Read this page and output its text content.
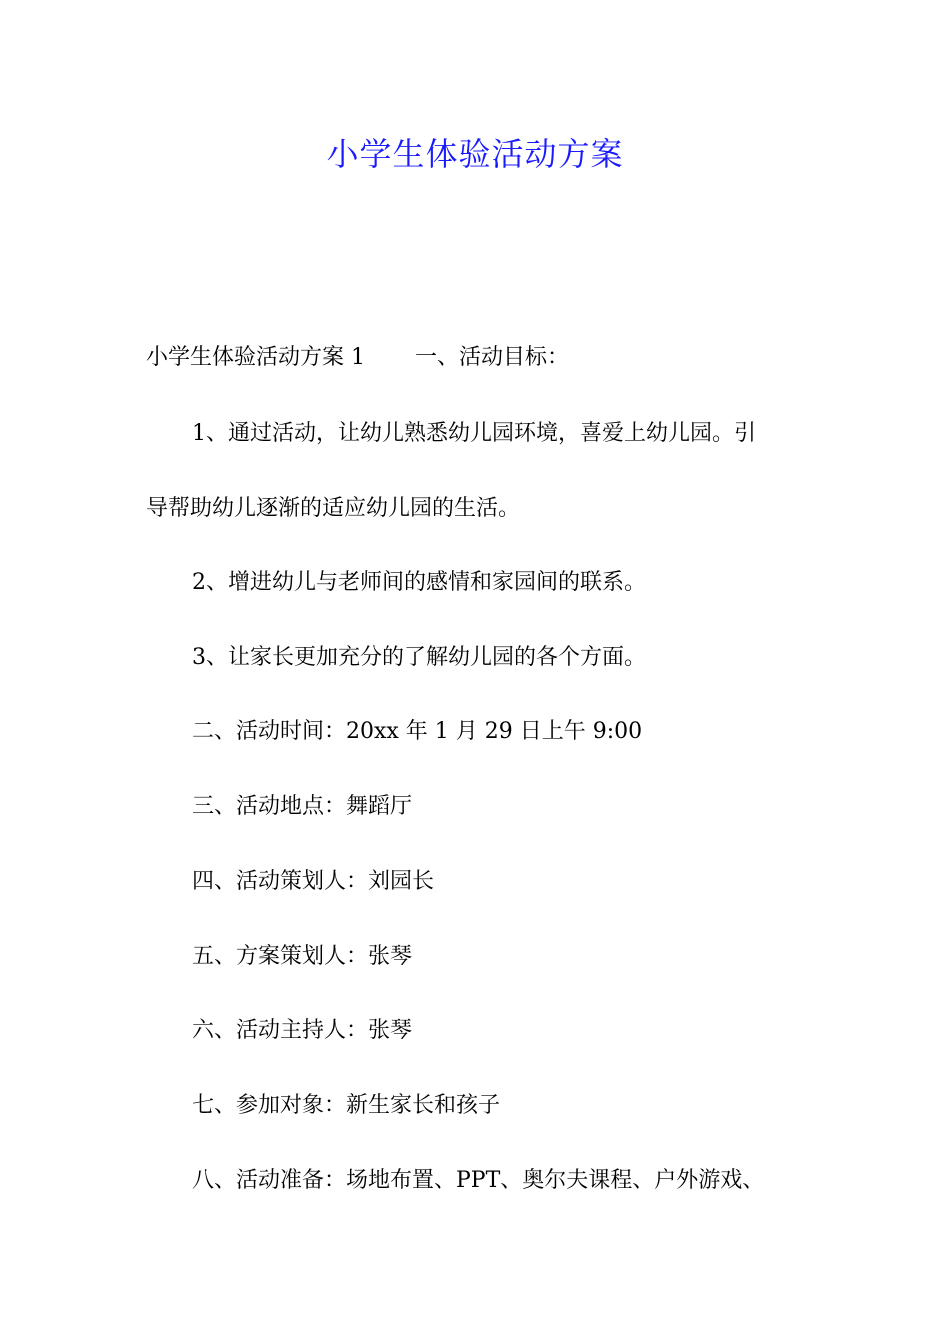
小学生体验活动方案
小学生体验活动方案 1 一、活动目标：
1、通过活动，让幼儿熟悉幼儿园环境，喜爱上幼儿园。引
导帮助幼儿逐渐的适应幼儿园的生活。
2、增进幼儿与老师间的感情和家园间的联系。
3、让家长更加充分的了解幼儿园的各个方面。
二、活动时间：20xx 年 1 月 29 日上午 9:00
三、活动地点：舞蹈厅
四、活动策划人：刘园长
五、方案策划人：张琴
六、活动主持人：张琴
七、参加对象：新生家长和孩子
八、活动准备：场地布置、PPT、奥尔夫课程、户外游戏、
